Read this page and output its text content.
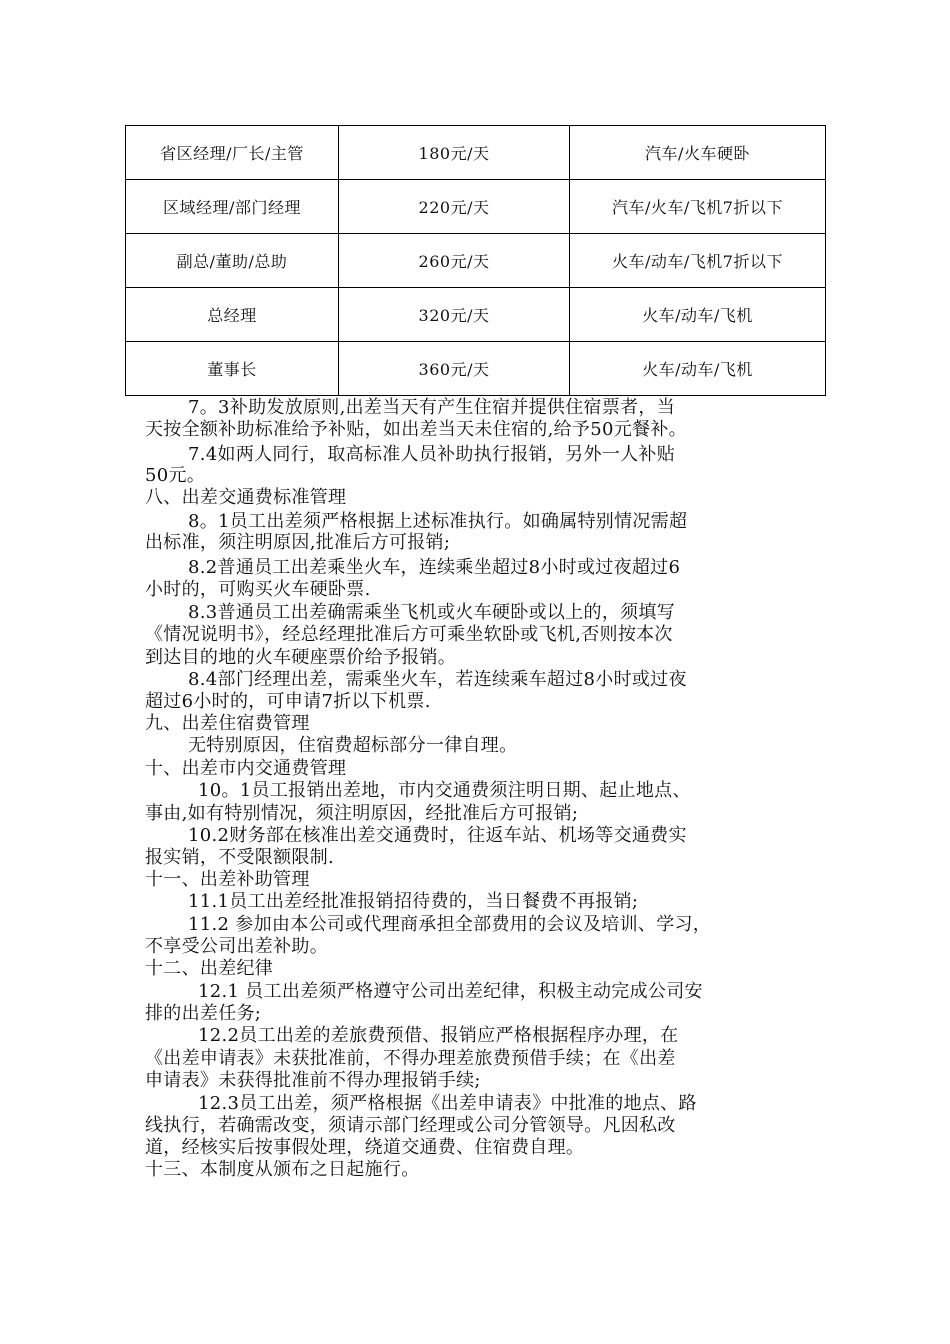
省区经理/厂长/主管	180元/天	汽车/火车硬卧
区域经理/部门经理	220元/天	汽车/火车/飞机7折以下
副总/董助/总助	260元/天	火车/动车/飞机7折以下
总经理	320元/天	火车/动车/飞机
董事长	360元/天	火车/动车/飞机
7。3补助发放原则,出差当天有产生住宿并提供住宿票者，当
天按全额补助标准给予补贴，如出差当天未住宿的,给予50元餐补。
7.4如两人同行，取高标准人员补助执行报销，另外一人补贴
50元。
八、出差交通费标准管理
8。1员工出差须严格根据上述标准执行。如确属特别情况需超
出标准，须注明原因,批准后方可报销;
8.2普通员工出差乘坐火车，连续乘坐超过8小时或过夜超过6
小时的，可购买火车硬卧票.
8.3普通员工出差确需乘坐飞机或火车硬卧或以上的，须填写
《情况说明书》，经总经理批准后方可乘坐软卧或飞机,否则按本次
到达目的地的火车硬座票价给予报销。
8.4部门经理出差，需乘坐火车，若连续乘车超过8小时或过夜
超过6小时的，可申请7折以下机票.
九、出差住宿费管理
无特别原因，住宿费超标部分一律自理。
十、出差市内交通费管理
10。1员工报销出差地，市内交通费须注明日期、起止地点、
事由,如有特别情况，须注明原因，经批准后方可报销;
10.2财务部在核准出差交通费时，往返车站、机场等交通费实
报实销，不受限额限制.
十一、出差补助管理
11.1员工出差经批准报销招待费的，当日餐费不再报销;
11.2 参加由本公司或代理商承担全部费用的会议及培训、学习，
不享受公司出差补助。
十二、出差纪律
12.1 员工出差须严格遵守公司出差纪律，积极主动完成公司安
排的出差任务;
12.2员工出差的差旅费预借、报销应严格根据程序办理，在
《出差申请表》未获批准前，不得办理差旅费预借手续；在《出差
申请表》未获得批准前不得办理报销手续;
12.3员工出差，须严格根据《出差申请表》中批准的地点、路
线执行，若确需改变，须请示部门经理或公司分管领导。凡因私改
道，经核实后按事假处理，绕道交通费、住宿费自理。
十三、本制度从颁布之日起施行。
